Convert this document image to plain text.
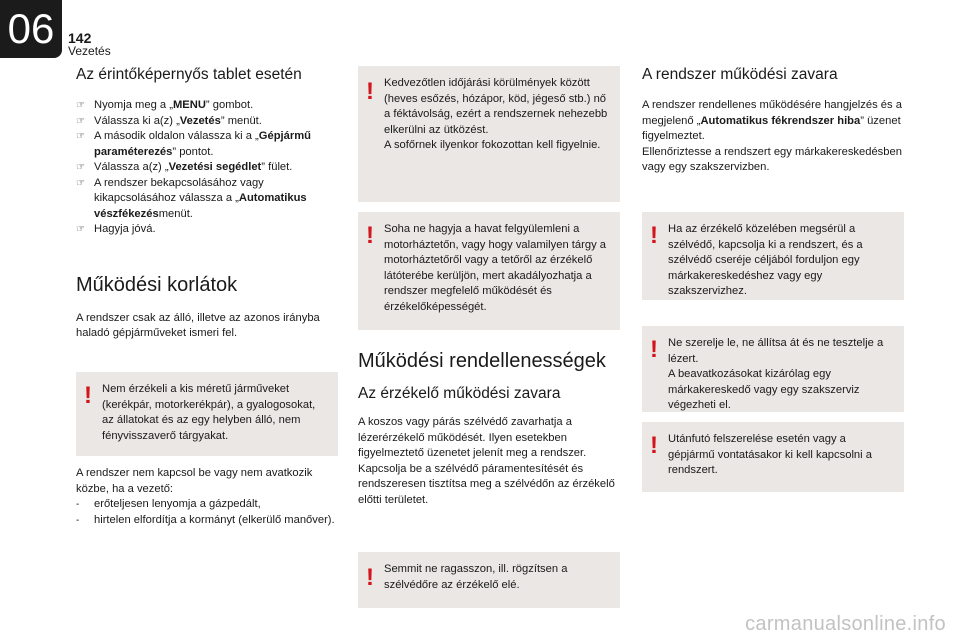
06 142
Vezetés
Az érintőképernyős tablet esetén
☞ Nyomja meg a „MENU” gombot.
☞ Válassza ki a(z) „Vezetés” menüt.
☞ A második oldalon válassza ki a „Gépjármű paraméterezés” pontot.
☞ Válassza a(z) „Vezetési segédlet” fület.
☞ A rendszer bekapcsolásához vagy kikapcsolásához válassza a „Automatikus vészfékezésmenüt.
☞ Hagyja jóvá.
Működési korlátok

A rendszer csak az álló, illetve az azonos irányba haladó gépjárműveket ismeri fel.

! Nem érzékeli a kis méretű járműveket (kerékpár, motorkerékpár), a gyalogosokat, az állatokat és az egy helyben álló, nem fényvisszaverő tárgyakat.

A rendszer nem kapcsol be vagy nem avatkozik közbe, ha a vezető:

- erőteljesen lenyomja a gázpedált,
- hirtelen elfordítja a kormányt (elkerülő manőver).
! Kedvezőtlen időjárási körülmények között (heves esőzés, hózápor, köd, jégeső stb.) nő a féktávolság, ezért a rendszernek nehezebb elkerülni az ütközést.
A sofőrnek ilyenkor fokozottan kell figyelnie.

! Soha ne hagyja a havat felgyülemleni a motorháztetőn, vagy hogy valamilyen tárgy a motorháztetőről vagy a tetőről az érzékelő látóterébe kerüljön, mert akadályozhatja a rendszer megfelelő működését és érzékelőképességét.

Működési rendellenességek
Az érzékelő működési zavara

A koszos vagy párás szélvédő zavarhatja a lézerérzékelő működését. Ilyen esetekben figyelmeztető üzenetet jelenít meg a rendszer. Kapcsolja be a szélvédő páramentesítését és rendszeresen tisztítsa meg a szélvédőn az érzékelő előtti területet.

! Semmit ne ragasszon, ill. rögzítsen a szélvédőre az érzékelő elé.

A rendszer működési zavara

A rendszer rendellenes működésére hangjelzés és a megjelenő „Automatikus fékrendszer hiba” üzenet figyelmeztet.
Ellenőriztesse a rendszert egy márkakereskedésben vagy egy szakszervizben.

! Ha az érzékelő közelében megsérül a szélvédő, kapcsolja ki a rendszert, és a szélvédő cseréje céljából forduljon egy márkakereskedéshez vagy egy szakszervizhez.

! Ne szerelje le, ne állítsa át és ne tesztelje a lézert.
A beavatkozásokat kizárólag egy márkakereskedő vagy egy szakszerviz végezheti el.

! Utánfutó felszerelése esetén vagy a gépjármű vontatásakor ki kell kapcsolni a rendszert.

carmanualsonline.info
